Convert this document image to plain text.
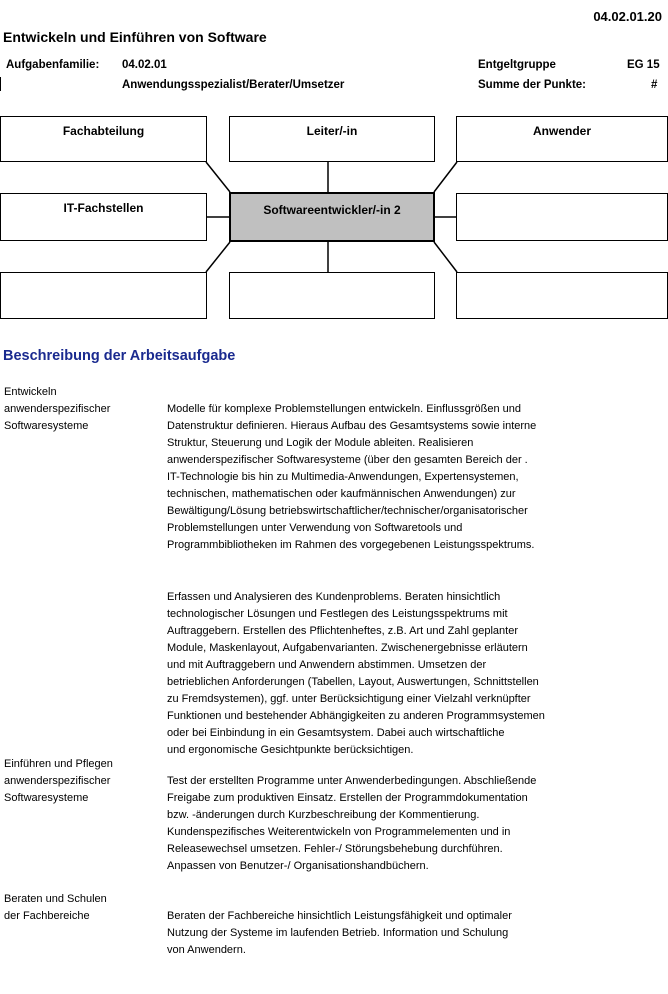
04.02.01.20
Entwickeln und Einführen von Software
Aufgabenfamilie: 04.02.01
Anwendungsspezialist/Berater/Umsetzer
Entgeltgruppe	EG 15
Summe der Punkte:	#
Fachabteilung	Leiter/-in	Anwender
IT-Fachstellen	Softwareentwickler/-in 2
Beschreibung der Arbeitsaufgabe
Entwickeln
anwenderspezifischer
Softwaresysteme

Modelle für komplexe Problemstellungen entwickeln. Einflussgrößen und
Datenstruktur definieren. Hieraus Aufbau des Gesamtsystems sowie interne
Struktur, Steuerung und Logik der Module ableiten. Realisieren
anwenderspezifischer Softwaresysteme (über den gesamten Bereich der .
IT-Technologie bis hin zu Multimedia-Anwendungen, Expertensystemen,
technischen, mathematischen oder kaufmännischen Anwendungen) zur
Bewältigung/Lösung betriebswirtschaftlicher/technischer/organisatorischer
Problemstellungen unter Verwendung von Softwaretools und
Programmbibliotheken im Rahmen des vorgegebenen Leistungsspektrums.

Erfassen und Analysieren des Kundenproblems. Beraten hinsichtlich
technologischer Lösungen und Festlegen des Leistungsspektrums mit
Auftraggebern. Erstellen des Pflichtenheftes, z.B. Art und Zahl geplanter
Module, Maskenlayout, Aufgabenvarianten. Zwischenergebnisse erläutern
und mit Auftraggebern und Anwendern abstimmen. Umsetzen der
betrieblichen Anforderungen (Tabellen, Layout, Auswertungen, Schnittstellen
zu Fremdsystemen), ggf. unter Berücksichtigung einer Vielzahl verknüpfter
Funktionen und bestehender Abhängigkeiten zu anderen Programmsystemen
oder bei Einbindung in ein Gesamtsystem. Dabei auch wirtschaftliche
und ergonomische Gesichtpunkte berücksichtigen.

Einführen und Pflegen
anwenderspezifischer
Softwaresysteme

Test der erstellten Programme unter Anwenderbedingungen. Abschließende
Freigabe zum produktiven Einsatz. Erstellen der Programmdokumentation
bzw. -änderungen durch Kurzbeschreibung der Kommentierung.
Kundenspezifisches Weiterentwickeln von Programmelementen und in
Releasewechsel umsetzen. Fehler-/ Störungsbehebung durchführen.
Anpassen von Benutzer-/ Organisationshandbüchern.

Beraten und Schulen
der Fachbereiche	Beraten der Fachbereiche hinsichtlich Leistungsfähigkeit und optimaler
Nutzung der Systeme im laufenden Betrieb. Information und Schulung
von Anwendern.
